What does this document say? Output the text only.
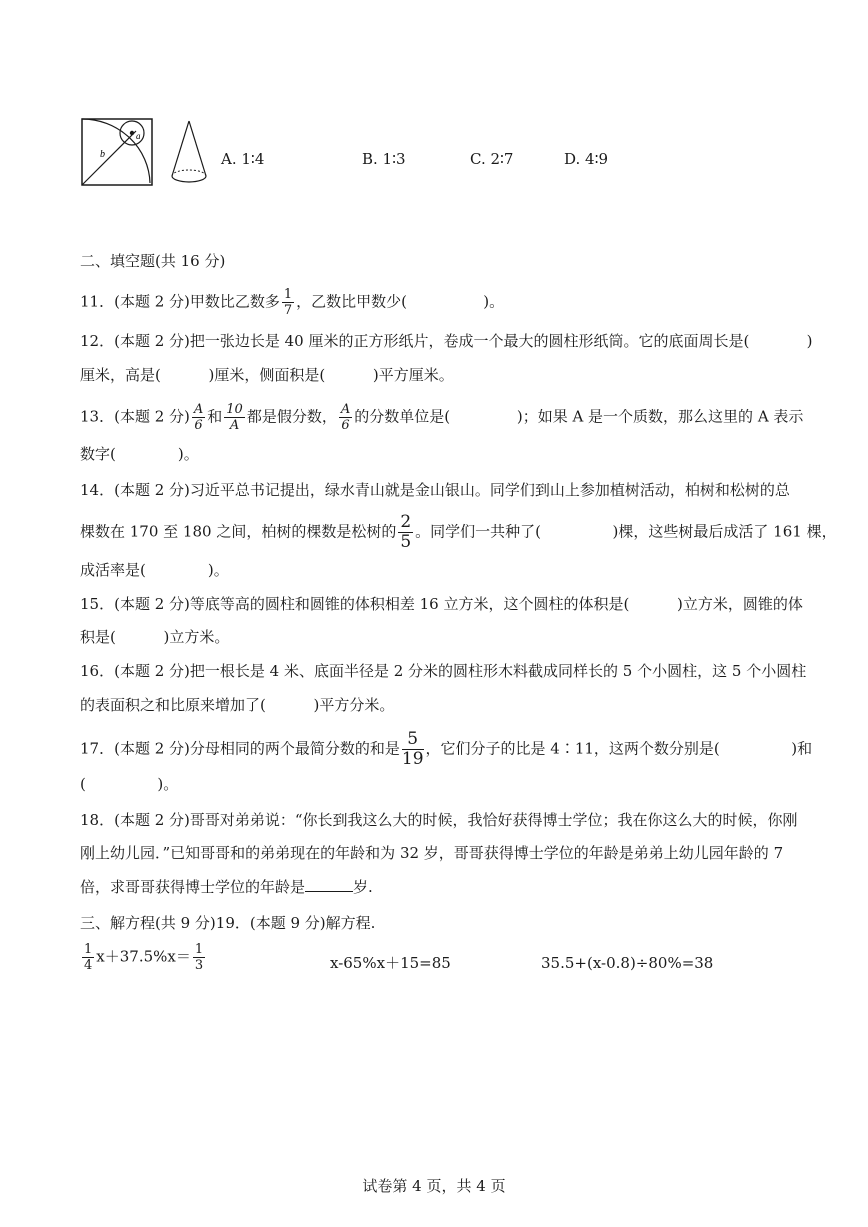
a
b	A. 1∶4	B. 1∶3	C. 2∶7	D. 4∶9
二、填空题(共 16 分)
11．(本题 2 分)甲数比乙数多 $\frac{1}{7}$ ，乙数比甲数少(                )。
12．(本题 2 分)把一张边长是 40 厘米的正方形纸片，卷成一个最大的圆柱形纸筒。它的底面周长是(            )
厘米，高是(          )厘米，侧面积是(          )平方厘米。
13．(本题 2 分) $\frac{A}{6}$ 和 $\frac{10}{A}$ 都是假分数， $\frac{A}{6}$ 的分数单位是(              )；如果 A 是一个质数，那么这里的 A 表示
数字(             )。
14．(本题 2 分)习近平总书记提出，绿水青山就是金山银山。同学们到山上参加植树活动，柏树和松树的总
棵数在 170 至 180 之间，柏树的棵数是松树的 $\frac{2}{5}$ 。同学们一共种了(               )棵，这些树最后成活了 161 棵，
成活率是(             )。
15．(本题 2 分)等底等高的圆柱和圆锥的体积相差 16 立方米，这个圆柱的体积是(          )立方米，圆锥的体
积是(          )立方米。
16．(本题 2 分)把一根长是 4 米、底面半径是 2 分米的圆柱形木料截成同样长的 5 个小圆柱，这 5 个小圆柱
的表面积之和比原来增加了(          )平方分米。
17．(本题 2 分)分母相同的两个最简分数的和是 $\frac{5}{19}$ ，它们分子的比是 4∶11，这两个数分别是(               )和
(               )。
18．(本题 2 分)哥哥对弟弟说：“你长到我这么大的时候，我恰好获得博士学位；我在你这么大的时候，你刚
刚上幼儿园．”已知哥哥和的弟弟现在的年龄和为 32 岁，哥哥获得博士学位的年龄是弟弟上幼儿园年龄的 7
倍，求哥哥获得博士学位的年龄是	岁.
三、解方程(共 9 分)19．(本题 9 分)解方程.
$\frac{1}{4} x+37.5\%x= \frac{1}{3}$	x-65%x＋15=85	35.5+(x-0.8)÷80%=38
试卷第 4 页，共 4 页
